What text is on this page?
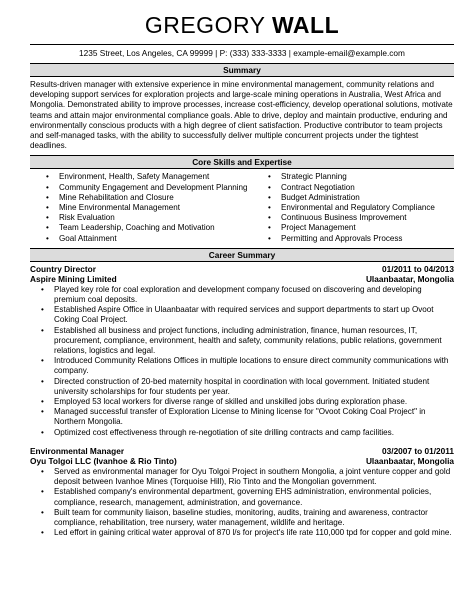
GREGORY WALL
1235 Street, Los Angeles, CA 99999 | P: (333) 333-3333 | example-email@example.com
Summary
Results-driven manager with extensive experience in mine environmental management, community relations and developing support services for exploration projects and large-scale mining operations in Australia, West Africa and Mongolia. Demonstrated ability to improve processes, increase cost-efficiency, develop operational solutions, motivate teams and attain major environmental compliance goals. Able to drive, deploy and maintain productive, enduring and environmentally conscious products with a high degree of client satisfaction. Productive contributor to team projects and self-managed tasks, with the ability to successfully deliver multiple concurrent projects under the tightest deadlines.
Core Skills and Expertise
• Environment, Health, Safety Management
• Community Engagement and Development Planning
• Mine Rehabilitation and Closure
• Mine Environmental Management
• Risk Evaluation
• Team Leadership, Coaching and Motivation
• Goal Attainment
• Strategic Planning
• Contract Negotiation
• Budget Administration
• Environmental and Regulatory Compliance
• Continuous Business Improvement
• Project Management
• Permitting and Approvals Process
Career Summary
Country Director	01/2011 to 04/2013
Aspire Mining Limited	Ulaanbaatar, Mongolia
• Played key role for coal exploration and development company focused on discovering and developing premium coal deposits.
• Established Aspire Office in Ulaanbaatar with required services and support departments to start up Ovoot Coking Coal Project.
• Established all business and project functions, including administration, finance, human resources, IT, procurement, compliance, environment, health and safety, community relations, public relations, government relations, logistics and legal.
• Introduced Community Relations Offices in multiple locations to ensure direct community communications with company.
• Directed construction of 20-bed maternity hospital in coordination with local government. Initiated student university scholarships for four students per year.
• Employed 53 local workers for diverse range of skilled and unskilled jobs during exploration phase.
• Managed successful transfer of Exploration License to Mining license for "Ovoot Coking Coal Project" in Northern Mongolia.
• Optimized cost effectiveness through re-negotiation of site drilling contracts and camp facilities.
Environmental Manager	03/2007 to 01/2011
Oyu Tolgoi LLC (Ivanhoe & Rio Tinto)	Ulaanbaatar, Mongolia
• Served as environmental manager for Oyu Tolgoi Project in southern Mongolia, a joint venture copper and gold deposit between Ivanhoe Mines (Torquoise Hill), Rio Tinto and the Mongolian government.
• Established company's environmental department, governing EHS administration, environmental policies, compliance, research, management, administration, and governance.
• Built team for community liaison, baseline studies, monitoring, audits, training and awareness, contractor compliance, rehabilitation, tree nursery, water management, wildlife and heritage.
• Led effort in gaining critical water approval of 870 l/s for project's life rate 110,000 tpd for copper and gold mine.
